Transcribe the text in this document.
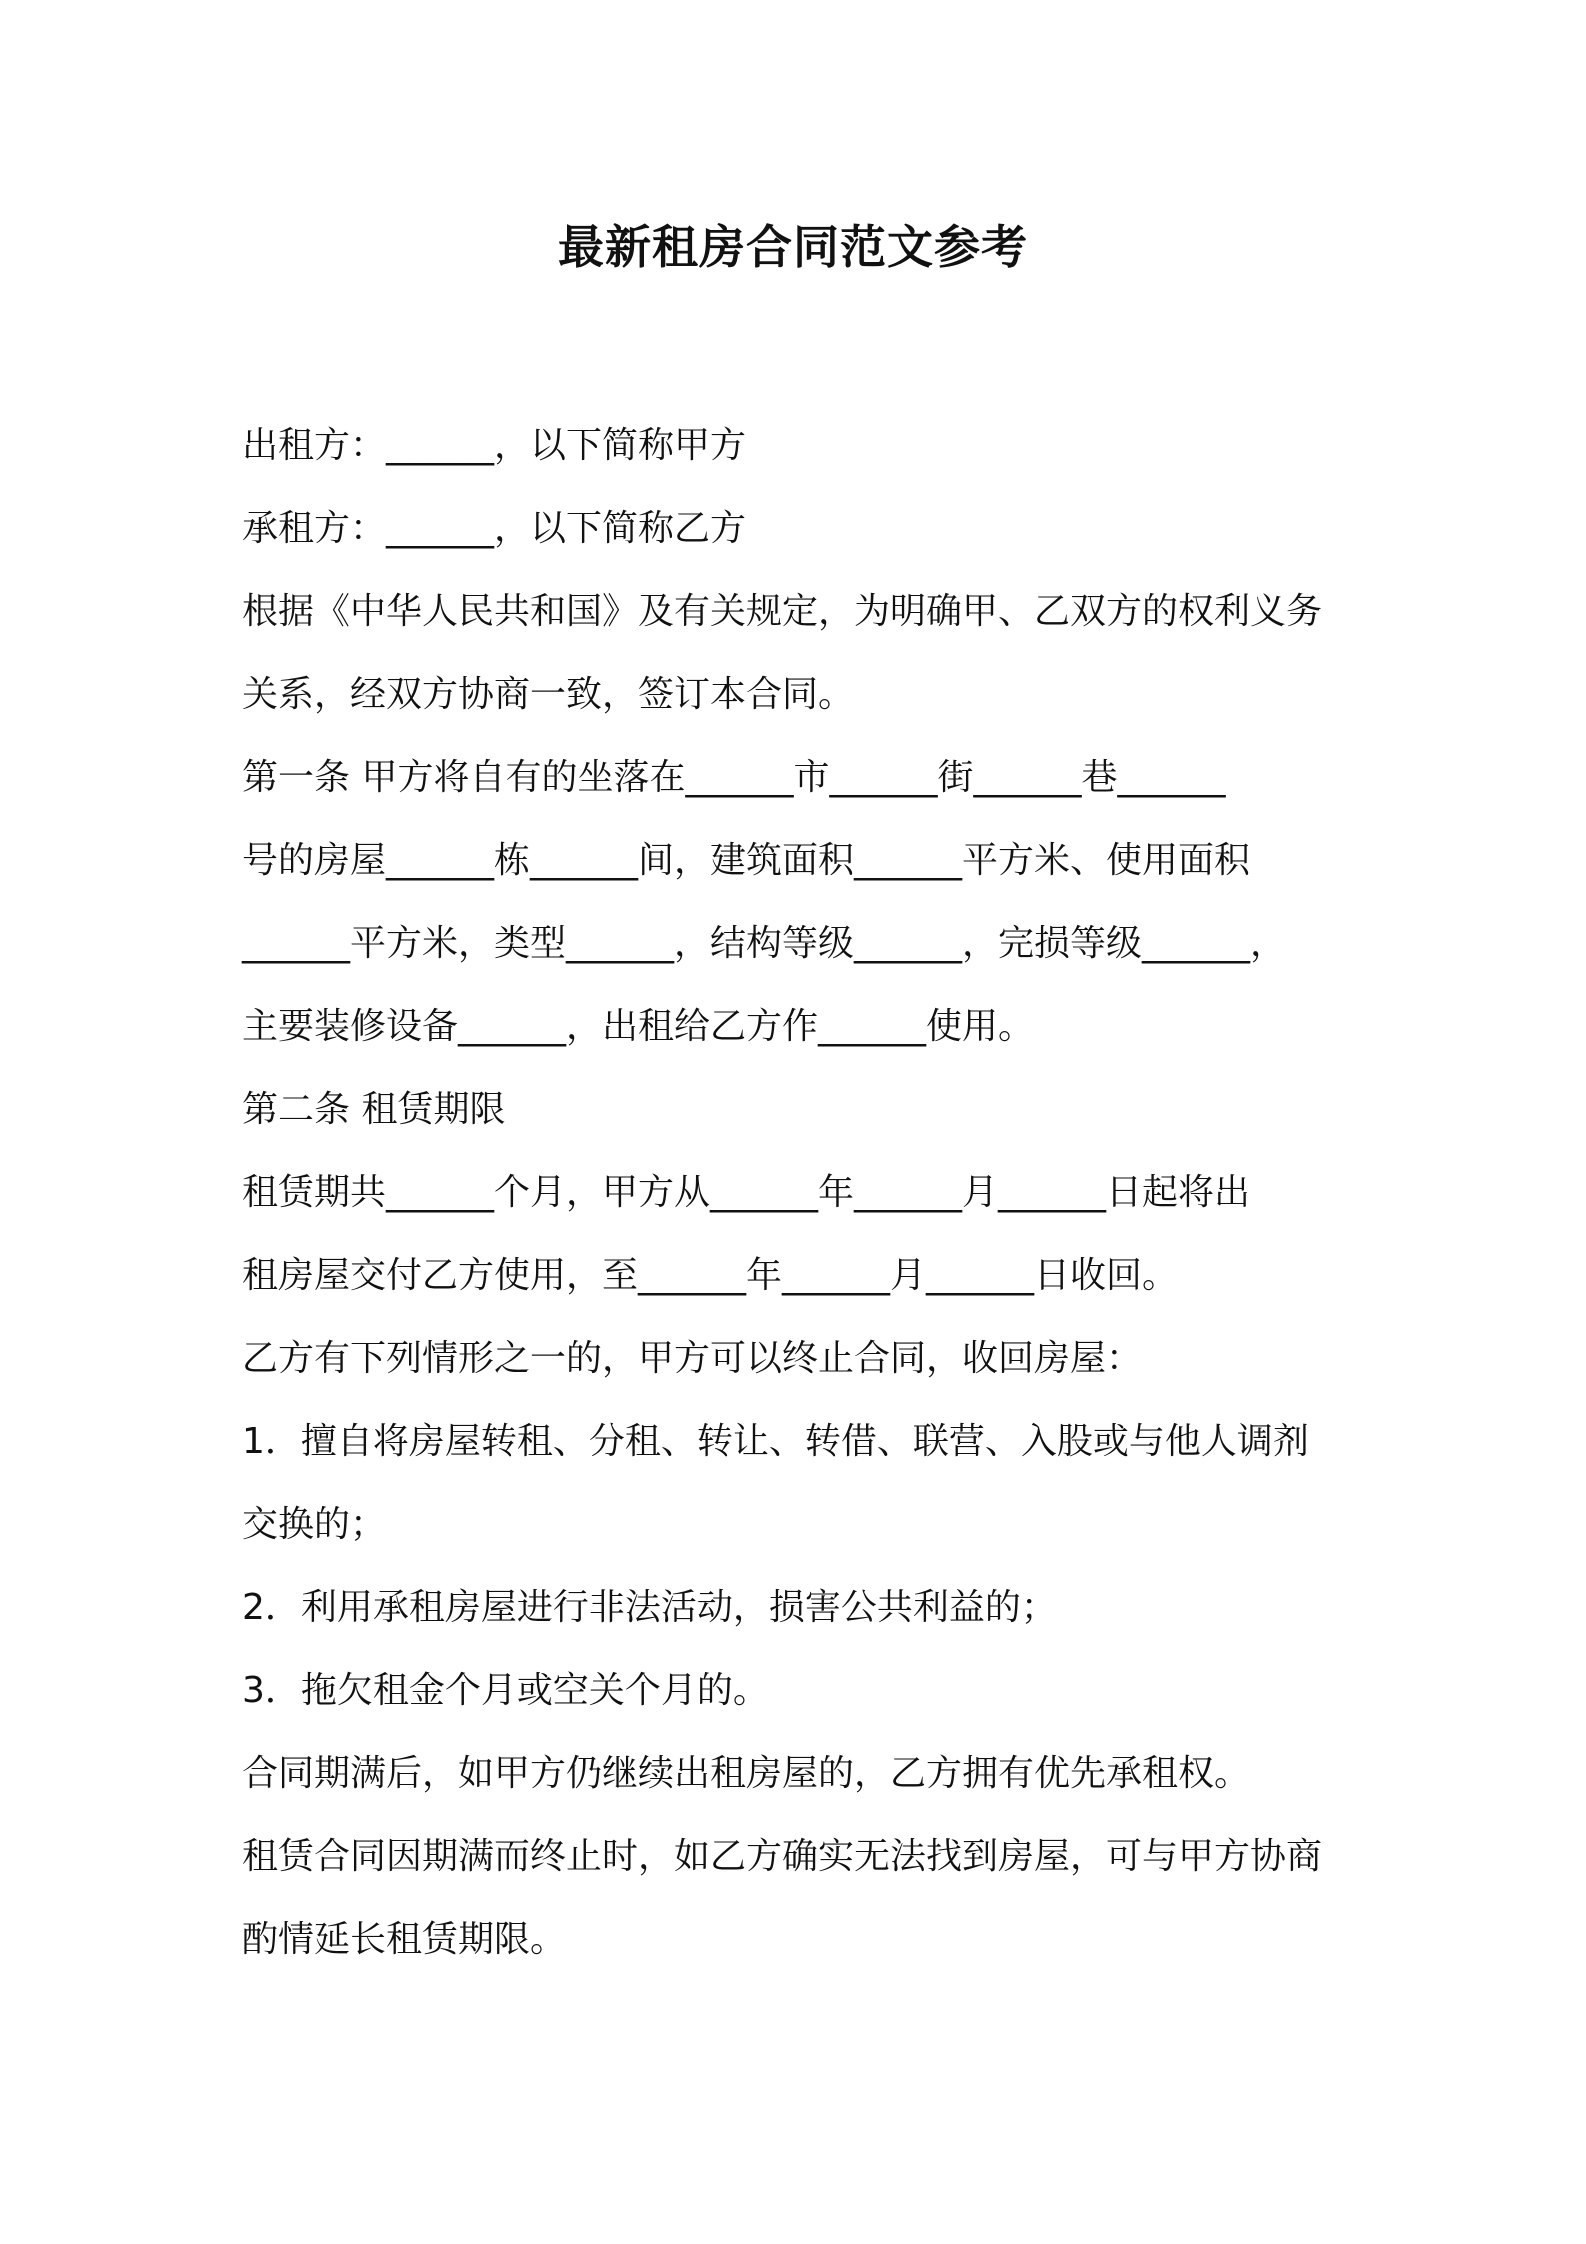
最新租房合同范文参考
出租方：______，以下简称甲方
承租方：______，以下简称乙方
根据《中华人民共和国》及有关规定，为明确甲、乙双方的权利义务
关系，经双方协商一致，签订本合同。
第一条 甲方将自有的坐落在______市______街______巷______
号的房屋______栋______间，建筑面积______平方米、使用面积
______平方米，类型______，结构等级______，完损等级______，
主要装修设备______，出租给乙方作______使用。
第二条 租赁期限
租赁期共______个月，甲方从______年______月______日起将出
租房屋交付乙方使用，至______年______月______日收回。
乙方有下列情形之一的，甲方可以终止合同，收回房屋：
1．擅自将房屋转租、分租、转让、转借、联营、入股或与他人调剂
交换的；
2．利用承租房屋进行非法活动，损害公共利益的；
3．拖欠租金个月或空关个月的。
合同期满后，如甲方仍继续出租房屋的，乙方拥有优先承租权。
租赁合同因期满而终止时，如乙方确实无法找到房屋，可与甲方协商
酌情延长租赁期限。
